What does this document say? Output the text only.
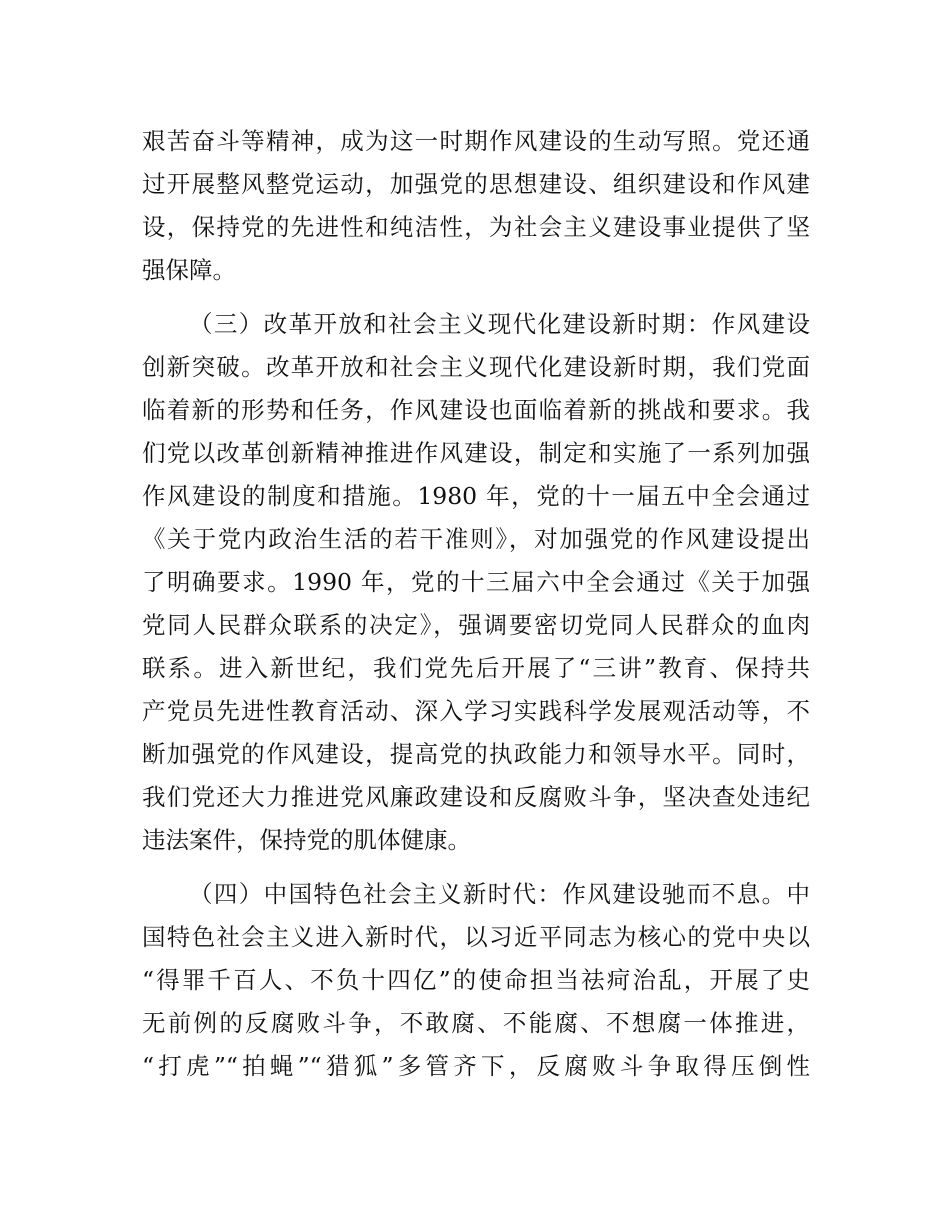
艰苦奋斗等精神，成为这一时期作风建设的生动写照。党还通
过开展整风整党运动，加强党的思想建设、组织建设和作风建
设，保持党的先进性和纯洁性，为社会主义建设事业提供了坚
强保障。
（三）改革开放和社会主义现代化建设新时期：作风建设
创新突破。改革开放和社会主义现代化建设新时期，我们党面
临着新的形势和任务，作风建设也面临着新的挑战和要求。我
们党以改革创新精神推进作风建设，制定和实施了一系列加强
作风建设的制度和措施。1980 年，党的十一届五中全会通过
《关于党内政治生活的若干准则》，对加强党的作风建设提出
了明确要求。1990 年，党的十三届六中全会通过《关于加强
党同人民群众联系的决定》，强调要密切党同人民群众的血肉
联系。进入新世纪，我们党先后开展了“三讲”教育、保持共
产党员先进性教育活动、深入学习实践科学发展观活动等，不
断加强党的作风建设，提高党的执政能力和领导水平。同时，
我们党还大力推进党风廉政建设和反腐败斗争，坚决查处违纪
违法案件，保持党的肌体健康。
（四）中国特色社会主义新时代：作风建设驰而不息。中
国特色社会主义进入新时代，以习近平同志为核心的党中央以
“得罪千百人、不负十四亿”的使命担当祛疴治乱，开展了史
无前例的反腐败斗争，不敢腐、不能腐、不想腐一体推进，
“打虎”“拍蝇”“猎狐”多管齐下，反腐败斗争取得压倒性
